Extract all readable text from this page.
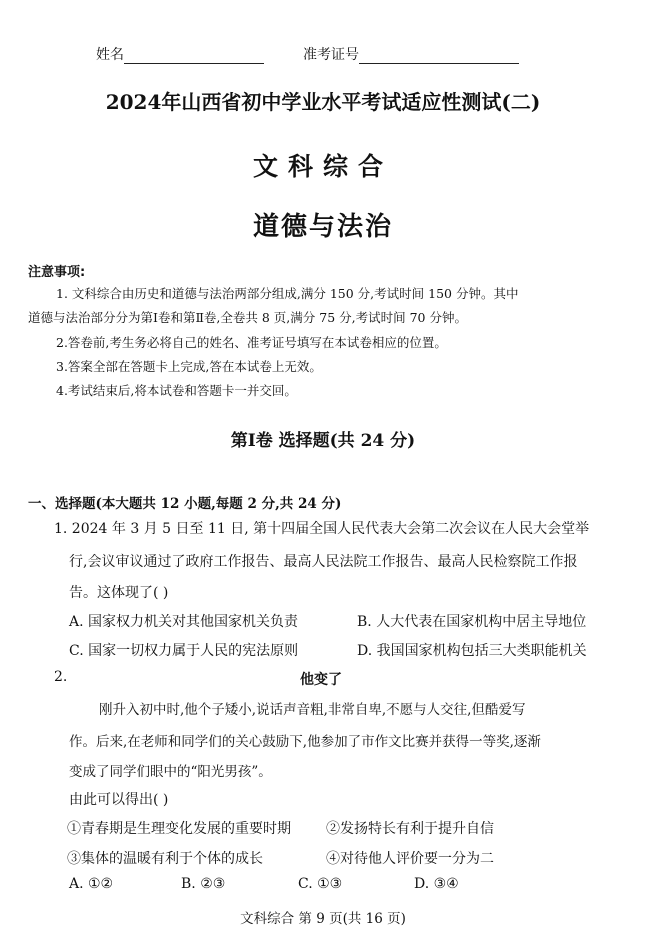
姓名	准考证号
2024年山西省初中学业水平考试适应性测试(二)
文科综合
道德与法治
注意事项:
1. 文科综合由历史和道德与法治两部分组成,满分 150 分,考试时间 150 分钟。其中
道德与法治部分分为第Ⅰ卷和第Ⅱ卷,全卷共 8 页,满分 75 分,考试时间 70 分钟。
2.答卷前,考生务必将自己的姓名、准考证号填写在本试卷相应的位置。
3.答案全部在答题卡上完成,答在本试卷上无效。
4.考试结束后,将本试卷和答题卡一并交回。
第I卷 选择题(共 24 分)
一、选择题(本大题共 12 小题,每题 2 分,共 24 分)
1. 2024 年 3 月 5 日至 11 日, 第十四届全国人民代表大会第二次会议在人民大会堂举
行,会议审议通过了政府工作报告、最高人民法院工作报告、最高人民检察院工作报
告。这体现了( )
A. 国家权力机关对其他国家机关负责	B. 人大代表在国家机构中居主导地位
C. 国家一切权力属于人民的宪法原则	D. 我国国家机构包括三大类职能机关
2.	他变了
刚升入初中时,他个子矮小,说话声音粗,非常自卑,不愿与人交往,但酷爱写
作。后来,在老师和同学们的关心鼓励下,他参加了市作文比赛并获得一等奖,逐渐
变成了同学们眼中的“阳光男孩”。
由此可以得出( )
①青春期是生理变化发展的重要时期	②发扬特长有利于提升自信
③集体的温暖有利于个体的成长	④对待他人评价要一分为二
A. ①②	B. ②③	C. ①③	D. ③④
文科综合 第 9 页(共 16 页)
